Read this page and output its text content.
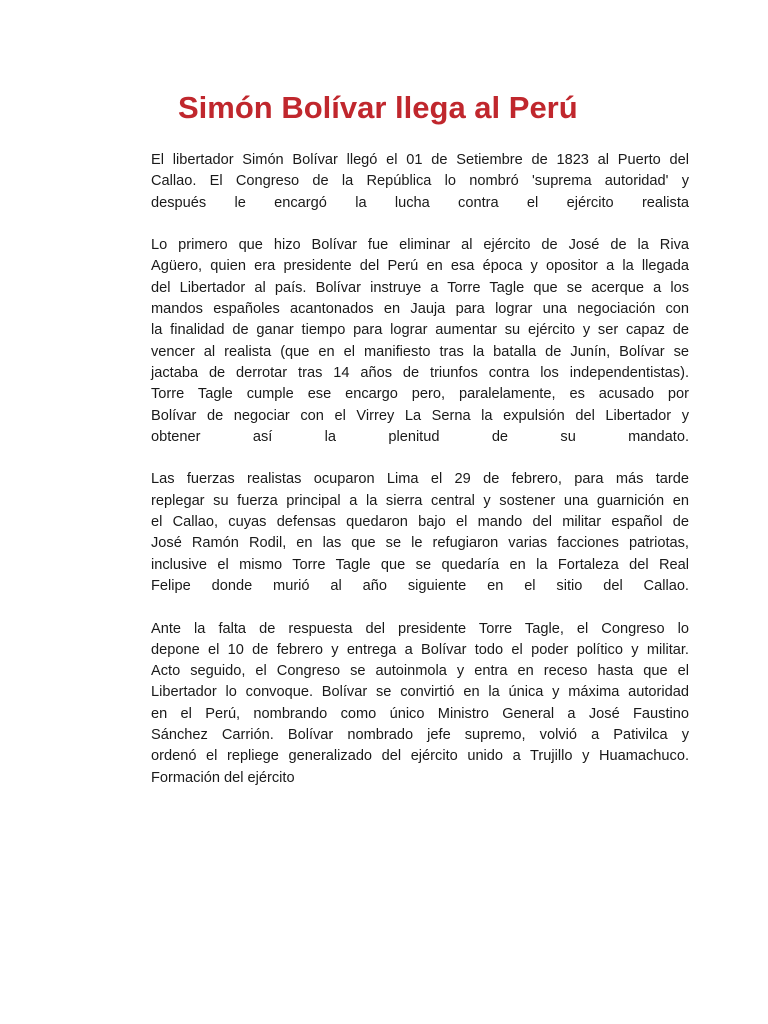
Simón Bolívar llega al Perú

El libertador Simón Bolívar llegó el 01 de Setiembre de 1823 al Puerto del
Callao. El Congreso de la República lo nombró 'suprema autoridad' y
después le encargó la lucha contra el ejército realista

Lo primero que hizo Bolívar fue eliminar al ejército de José de la Riva
Agüero, quien era presidente del Perú en esa época y opositor a la llegada
del Libertador al país. Bolívar instruye a Torre Tagle que se acerque a los
mandos españoles acantonados en Jauja para lograr una negociación con
la finalidad de ganar tiempo para lograr aumentar su ejército y ser capaz de
vencer al realista (que en el manifiesto tras la batalla de Junín, Bolívar se
jactaba de derrotar tras 14 años de triunfos contra los independentistas).
Torre Tagle cumple ese encargo pero, paralelamente, es acusado por
Bolívar de negociar con el Virrey La Serna la expulsión del Libertador y
obtener así la plenitud de su mandato.

Las fuerzas realistas ocuparon Lima el 29 de febrero, para más tarde
replegar su fuerza principal a la sierra central y sostener una guarnición en
el Callao, cuyas defensas quedaron bajo el mando del militar español de
José Ramón Rodil, en las que se le refugiaron varias facciones patriotas,
inclusive el mismo Torre Tagle que se quedaría en la Fortaleza del Real
Felipe donde murió al año siguiente en el sitio del Callao.

Ante la falta de respuesta del presidente Torre Tagle, el Congreso lo
depone el 10 de febrero y entrega a Bolívar todo el poder político y militar.
Acto seguido, el Congreso se autoinmola y entra en receso hasta que el
Libertador lo convoque. Bolívar se convirtió en la única y máxima autoridad
en el Perú, nombrando como único Ministro General a José Faustino
Sánchez Carrión. Bolívar nombrado jefe supremo, volvió a Pativilca y
ordenó el repliege generalizado del ejército unido a Trujillo y Huamachuco.
Formación del ejército
